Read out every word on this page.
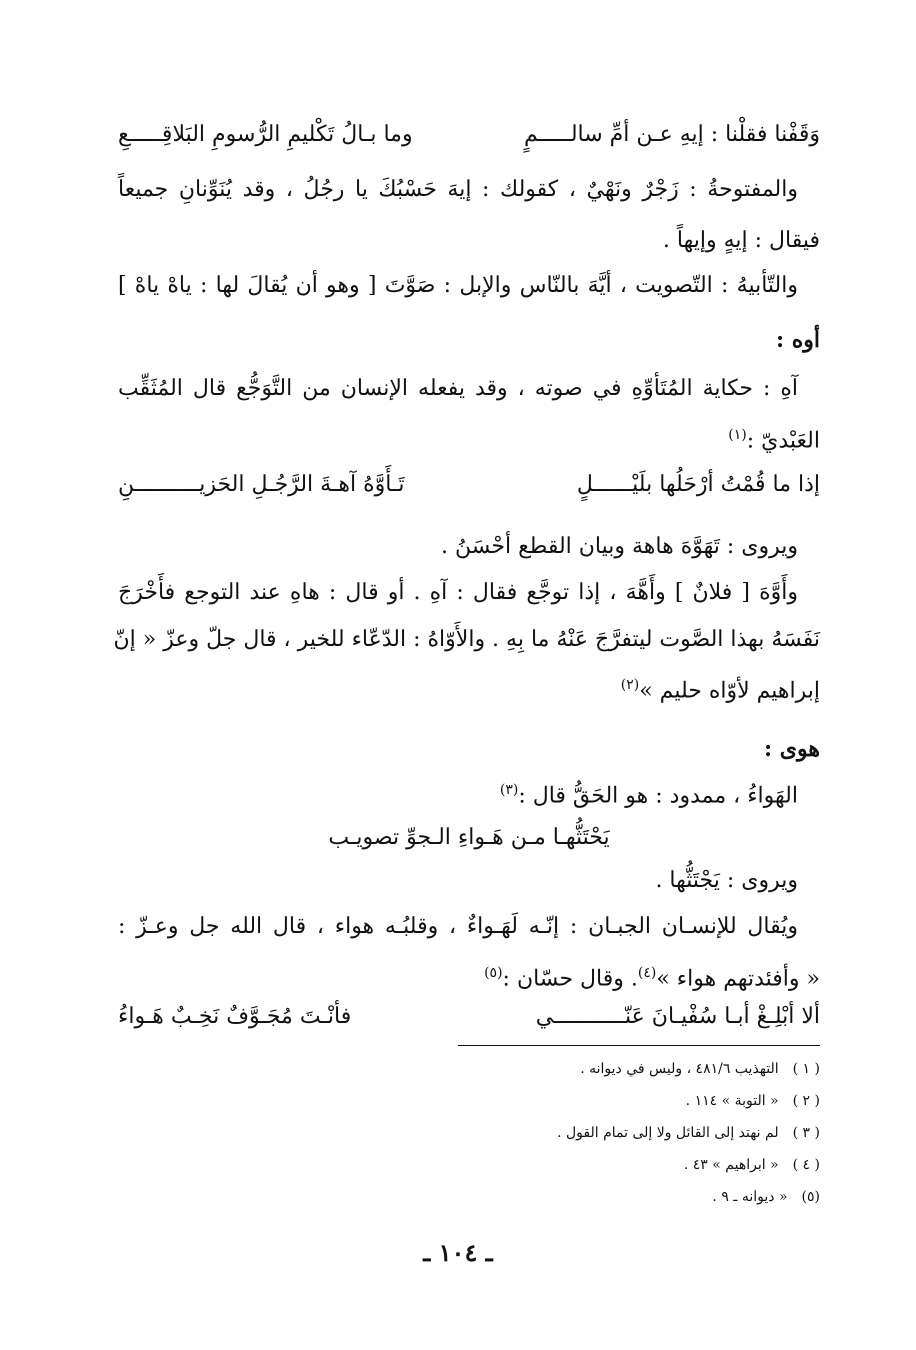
وَقَفْنا فقلْنا : إيهِ عـن أمِّ سالـــــمٍ
وما بـالُ تَكْليمِ الرُّسومِ البَلاقِـــــعِ
والمفتوحةُ : زَجْرٌ ونَهْيٌ ، كقولك : إيهَ حَسْبُكَ يا رجُلُ ، وقد يُنَوِّنانِ جميعاً
فيقال : إيهٍ وإيهاً .
والتّأبيهُ : التّصويت ، أيَّهَ بالنّاس والإبل : صَوَّتَ [ وهو أن يُقالَ لها : ياهْ ياهْ ]
أوه :
آهِ : حكاية المُتَأوِّهِ في صوته ، وقد يفعله الإنسان من التَّوَجُّع قال المُثَقِّب
العَبْديّ :$^{(١)}$
إذا ما قُمْتُ أرْحَلُها بلَيْــــــلٍ
تَـأَوَّهُ آهـةَ الرَّجُـلِ الحَزيــــــــــنِ
ويروى : تَهَوَّهَ هاهة وبيان القطع أحْسَنُ .
وأَوَّهَ [ فلانٌ ] وأَهَّهَ ، إذا توجَّع فقال : آهِ . أو قال : هاهِ عند التوجع فأَخْرَجَ
نَفَسَهُ بهذا الصَّوت ليتفرَّجَ عَنْهُ ما بِهِ . والأَوّاهُ : الدّعّاء للخير ، قال جلّ وعزّ « إنّ
إبراهيم لأوّاه حليم »$^{(٢)}$
هوى :
الهَواءُ ، ممدود : هو الحَقُّ قال :$^{(٣)}$
يَحْتَثُّهـا مـن هَـواءِ الـجوِّ تصويـب
ويروى : يَجْتَثُّها .
ويُقال للإنسـان الجبـان : إنّـه لَهَـواءٌ ، وقلبُـه هواء ، قال الله جل وعـزّ :
« وأفئدتهم هواء »$^{(٤)}$. وقال حسّان :$^{(٥)}$
ألا أبْلِـغْ أبـا سُفْيـانَ عَنّـــــــــــي
فأنْـتَ مُجَـوَّفٌ نَخِـبٌ هَـواءُ
( ١ )التهذيب ٤٨١/٦ ، وليس في ديوانه .
( ٢ )« التوبة » ١١٤ .
( ٣ )لم نهتد إلى القائل ولا إلى تمام القول .
( ٤ )« ابراهيم » ٤٣ .
(٥)« ديوانه ـ ٩ .
ـ ١٠٤ ـ
